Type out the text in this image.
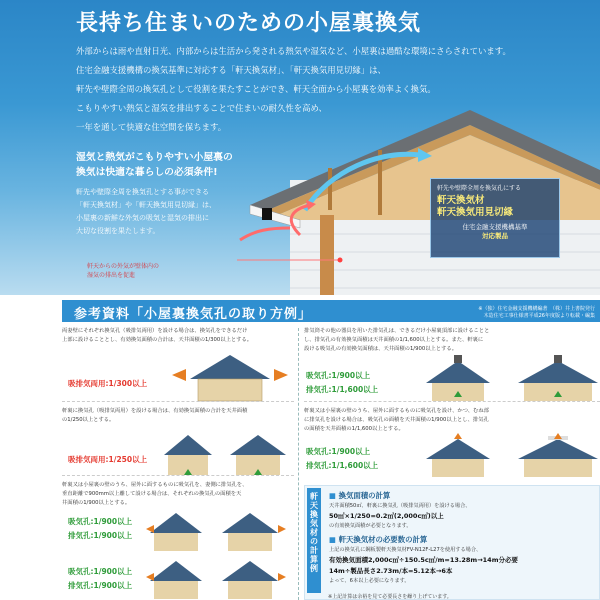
長持ち住まいのための小屋裏換気
外部からは雨や直射日光、内部からは生活から発される熱気や湿気など、小屋裏は過酷な環境にさらされています。
住宅金融支援機構の換気基準に対応する「軒天換気材」、「軒天換気用見切縁」は、
軒先や壁際全周の換気孔として役割を果たすことができ、軒天全面から小屋裏を効率よく換気。
こもりやすい熱気と湿気を排出することで住まいの耐久性を高め、
一年を通して快適な住空間を保ちます。
湿気と熱気がこもりやすい小屋裏の
換気は快適な暮らしの必須条件!
軒先や壁際全周を換気孔とする事ができる
「軒天換気材」や「軒天換気用見切縁」は、
小屋裏の新鮮な外気の吸気と湿気の排出に
大切な役割を果たします。
軒先や壁際全周を換気孔にする
軒天換気材
軒天換気用見切縁
住宅金融支援機構基準
対応製品
軒天からの外気が壁体内の
湿気の排出を促進
参考資料「小屋裏換気孔の取り方例」	※（独）住宅金融支援機構編著　（株）井上書院発行
木造住宅工事仕様書平成26年度版より転載・編集
両妻壁にそれぞれ換気孔（吸排気両用）を設ける場合は、換気孔をできるだけ
上部に設けることとし、有効換気面積の合計は、天井面積の1/300以上とする。
吸排気両用:1/300以上
軒裏に換気孔（吸排気両用）を設ける場合は、有効換気面積の合計を天井面積
の1/250以上とする。
吸排気両用:1/250以上
軒裏又は小屋裏の壁のうち、屋外に面するものに吸気孔を、妻側に排気孔を、
垂直距離で900mm以上離して設ける場合は、それぞれの換気孔の面積を天
井面積の1/900以上とする。
吸気孔:1/900以上
排気孔:1/900以上
吸気孔:1/900以上
排気孔:1/900以上
排気筒その他の器具を用いた排気孔は、できるだけ小屋裏頂部に設けることと
し、排気孔の有効換気面積は天井面積の1/1,600以上とする。また、軒裏に
設ける吸気孔の有効換気面積は、天井面積の1/900以上とする。
吸気孔:1/900以上
排気孔:1/1,600以上
軒裏又は小屋裏の壁のうち、屋外に面するものに吸気孔を設け、かつ、むね部
に排気孔を設ける場合は、吸気孔の面積を天井面積の1/900以上とし、排気孔
の面積を天井面積の1/1,600以上とする。
吸気孔:1/900以上
排気孔:1/1,600以上
軒天換気材の計算例
■ 換気面積の計算
天井面積50㎡、軒裏に換気孔（吸排気両用）を設ける場合、
50㎡×1/250=0.2㎡(2,000c㎡)以上
の有効換気面積が必要となります。
■ 軒天換気材の必要数の計算
上記の換気孔に鋼板製軒天換気材FV-N12F-L27を使用する場合、
有効換気面積2,000c㎡÷150.5c㎡/m=13.28m→14m分必要
14m÷製品長さ2.73m/本=5.12本→6本
よって、6本以上必要になります。
※上記計算は余裕を見て必要長さを繰り上げています。
